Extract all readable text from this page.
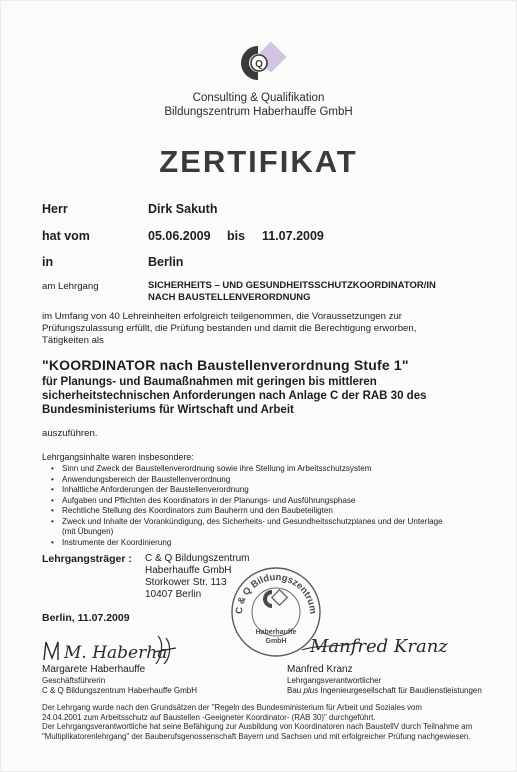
Q
Consulting & Qualifikation
Bildungszentrum Haberhauffe GmbH
ZERTIFIKAT
Herr	Dirk Sakuth
hat vom	05.06.2009 bis 11.07.2009
in	Berlin
am Lehrgang	SICHERHEITS – UND GESUNDHEITSSCHUTZKOORDINATOR/IN
NACH BAUSTELLENVERORDNUNG
im Umfang von 40 Lehreinheiten erfolgreich teilgenommen, die Voraussetzungen zur
Prüfungszulassung erfüllt, die Prüfung bestanden und damit die Berechtigung erworben,
Tätigkeiten als
"KOORDINATOR nach Baustellenverordnung Stufe 1"
für Planungs- und Baumaßnahmen mit geringen bis mittleren
sicherheitstechnischen Anforderungen nach Anlage C der RAB 30 des
Bundesministeriums für Wirtschaft und Arbeit
auszuführen.
Lehrgangsinhalte waren insbesondere:
• Sinn und Zweck der Baustellenverordnung sowie ihre Stellung im Arbeitsschutzsystem
• Anwendungsbereich der Baustellenverordnung
• Inhaltliche Anforderungen der Baustellenverordnung
• Aufgaben und Pflichten des Koordinators in der Planungs- und Ausführungsphase
• Rechtliche Stellung des Koordinators zum Bauherrn und den Baubeteiligten
• Zweck und Inhalte der Vorankündigung, des Sicherheits- und Gesundheitsschutzplanes und der Unterlage
(mit Übungen)
• Instrumente der Koordinierung
Lehrgangsträger : C & Q Bildungszentrum
Haberhauffe GmbH
Storkower Str. 113
10407 Berlin
C & Q Bildungszentrum
Haberhauffe
GmbH
Berlin, 11.07.2009
M. Haberha	Manfred Kranz
Margarete Haberhauffe
Geschäftsführerin
C & Q Bildungszentrum Haberhauffe GmbH
Manfred Kranz
Lehrgangsverantwortlicher
Bau plus Ingenieurgesellschaft für Baudienstleistungen
Der Lehrgang wurde nach den Grundsätzen der "Regeln des Bundesministerium für Arbeit und Soziales vom
24.04.2001 zum Arbeitsschutz auf Baustellen -Geeigneter Koordinator- (RAB 30)" durchgeführt.
Der Lehrgangsverantwortliche hat seine Befähigung zur Ausbildung von Koordinatoren nach BaustellV durch Teilnahme am
"Multiplikatorenlehrgang" der Bauberufsgenossenschaft Bayern und Sachsen und mit erfolgreicher Prüfung nachgewiesen.
